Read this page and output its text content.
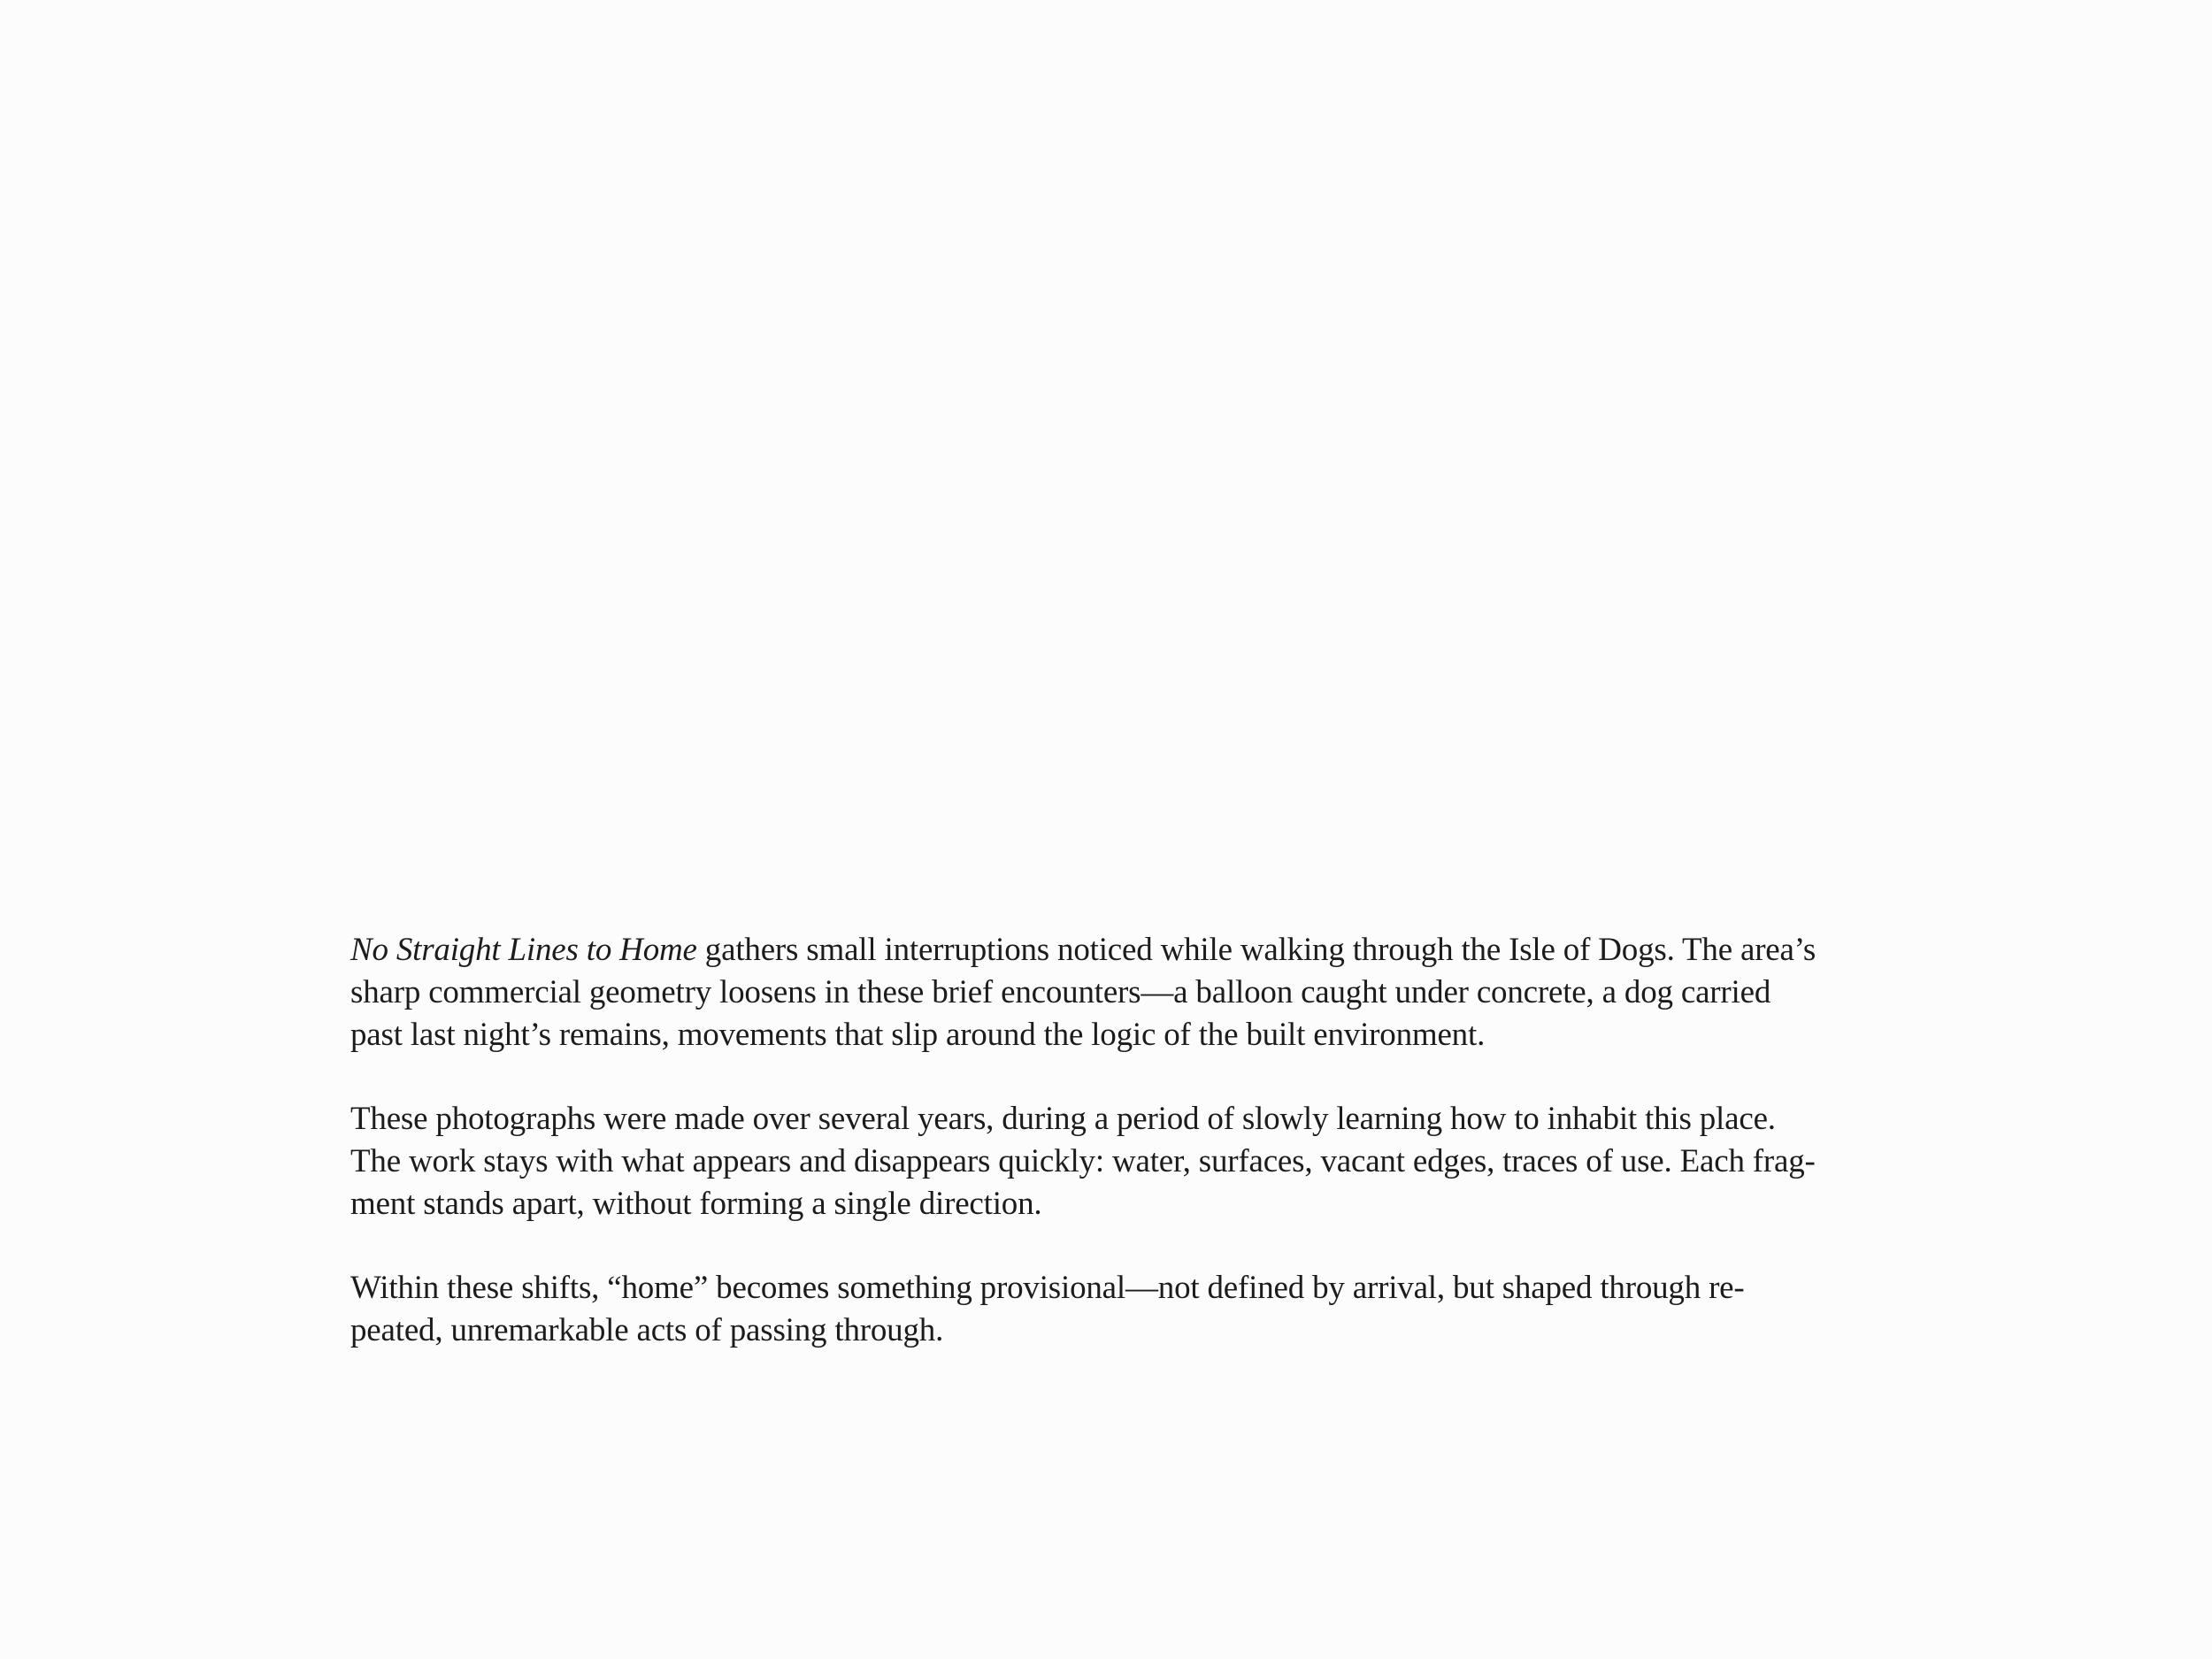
No Straight Lines to Home gathers small interruptions noticed while walking through the Isle of Dogs. The area’s
sharp commercial geometry loosens in these brief encounters—a balloon caught under concrete, a dog carried
past last night’s remains, movements that slip around the logic of the built environment.

These photographs were made over several years, during a period of slowly learning how to inhabit this place.
The work stays with what appears and disappears quickly: water, surfaces, vacant edges, traces of use. Each frag-
ment stands apart, without forming a single direction.

Within these shifts, “home” becomes something provisional—not defined by arrival, but shaped through re-
peated, unremarkable acts of passing through.
